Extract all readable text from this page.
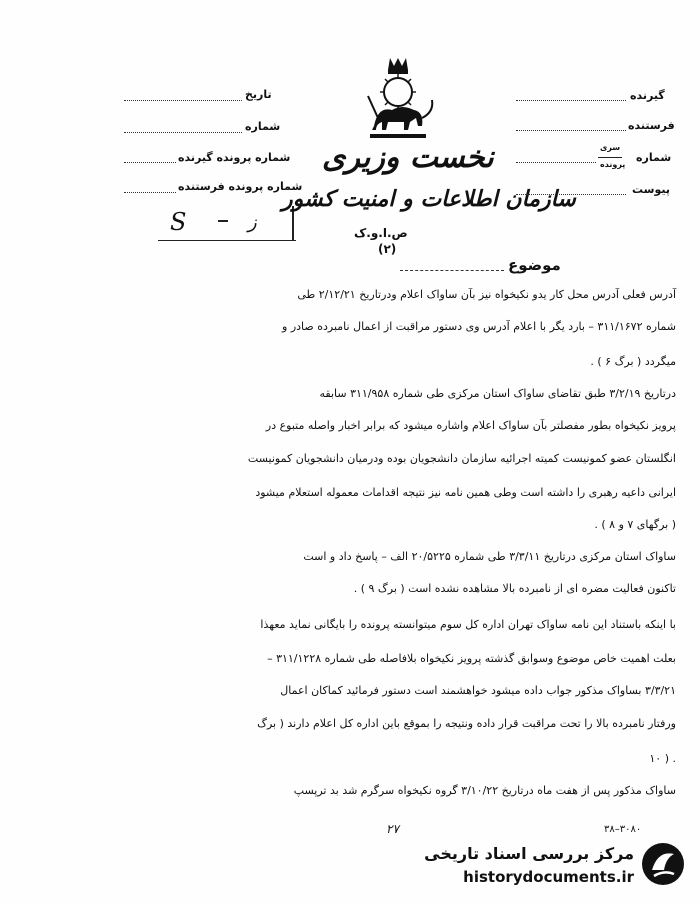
تاریخ
شماره
شماره پرونده گیرنده
شماره پرونده فرستنده
S	ز
نخست وزیری
سازمان اطلاعات و امنیت کشور
ص.ا.و.ک
(۲)
گیرنده
فرستنده
سری
پرونده
شماره
پیوست
موضوع
آدرس فعلی آدرس محل کار یدو نکیخواه نیز بآن ساواک اعلام ودرتاریخ ۲/۱۲/۲۱ طی
شماره ۳۱۱/۱۶۷۲ – بارد یگر با اعلام آدرس وی دستور مراقبت از اعمال نامبرده صادر و
میگردد ( برگ ۶ ) .
درتاریخ ۳/۲/۱۹ طبق تقاضای ساواک استان مرکزی طی شماره ۳۱۱/۹۵۸ سابقه
پرویز نکیخواه بطور مفصلتر بآن ساواک اعلام واشاره میشود که برابر اخبار واصله متبوع در
انگلستان عضو کمونیست کمیته اجرائیه سازمان دانشجویان بوده ودرمیان دانشجویان کمونیست
ایرانی داعیه رهبری را داشته است وطی همین نامه نیز نتیجه اقدامات معموله استعلام میشود
( برگهای ۷ و ۸ ) .
ساواک استان مرکزی درتاریخ ۳/۳/۱۱ طی شماره ۲۰/۵۲۲۵ الف – پاسخ داد و است
تاکنون فعالیت مضره ای از نامبرده بالا مشاهده نشده است ( برگ ۹ ) .
با اینکه باستناد این نامه ساواک تهران اداره کل سوم میتوانسته پرونده را بایگانی نماید معهذا
بعلت اهمیت خاص موضوع وسوابق گذشته پرویز نکیخواه بلافاصله طی شماره ۳۱۱/۱۲۲۸ –
۳/۳/۲۱ بساواک مذکور جواب داده میشود خواهشمند است دستور فرمائید کماکان اعمال
ورفتار نامبرده بالا را تحت مراقبت قرار داده ونتیجه را بموقع باین اداره کل اعلام دارند ( برگ
۱۰ ) .
ساواک مذکور پس از هفت ماه درتاریخ ۳/۱۰/۲۲ گروه نکیخواه سرگرم شد بد ترپسپ
۲۷	۳۸–۳۰۸۰
مرکز بررسی اسناد تاریخی
historydocuments.ir
